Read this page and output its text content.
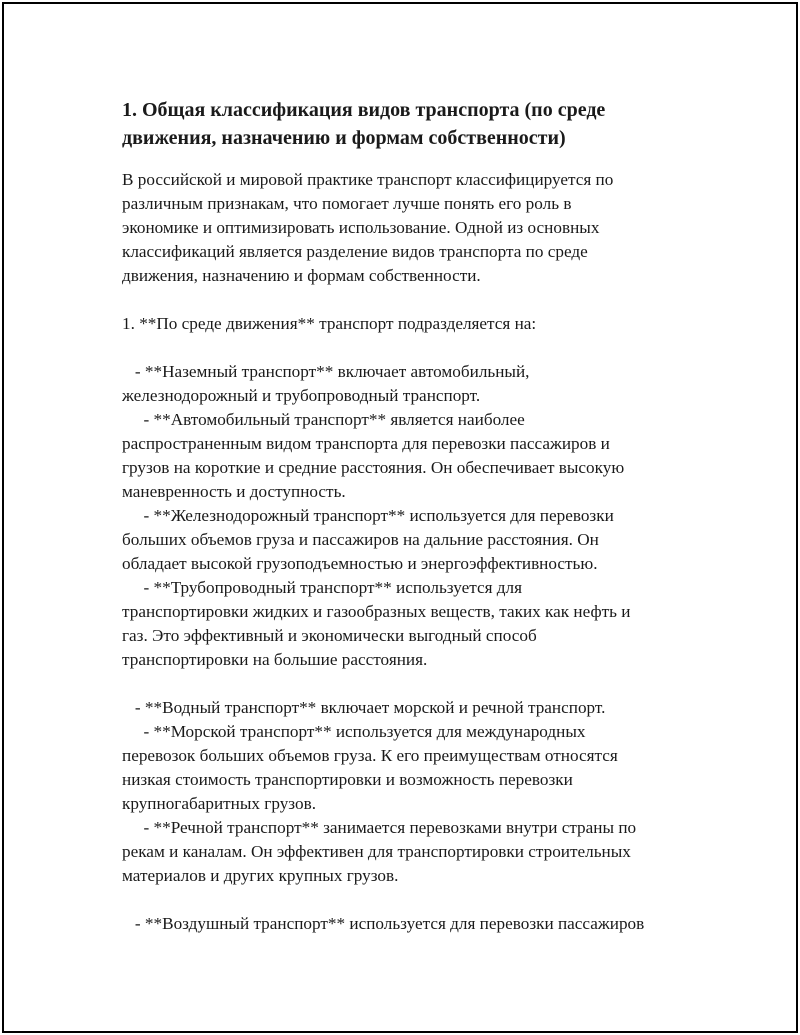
1. Общая классификация видов транспорта (по среде движения, назначению и формам собственности)
В российской и мировой практике транспорт классифицируется по
различным признакам, что помогает лучше понять его роль в
экономике и оптимизировать использование. Одной из основных
классификаций является разделение видов транспорта по среде
движения, назначению и формам собственности.
1. **По среде движения** транспорт подразделяется на:
- **Наземный транспорт** включает автомобильный,
железнодорожный и трубопроводный транспорт.
- **Автомобильный транспорт** является наиболее
распространенным видом транспорта для перевозки пассажиров и
грузов на короткие и средние расстояния. Он обеспечивает высокую
маневренность и доступность.
- **Железнодорожный транспорт** используется для перевозки
больших объемов груза и пассажиров на дальние расстояния. Он
обладает высокой грузоподъемностью и энергоэффективностью.
- **Трубопроводный транспорт** используется для
транспортировки жидких и газообразных веществ, таких как нефть и
газ. Это эффективный и экономически выгодный способ
транспортировки на большие расстояния.
- **Водный транспорт** включает морской и речной транспорт.
- **Морской транспорт** используется для международных
перевозок больших объемов груза. К его преимуществам относятся
низкая стоимость транспортировки и возможность перевозки
крупногабаритных грузов.
- **Речной транспорт** занимается перевозками внутри страны по
рекам и каналам. Он эффективен для транспортировки строительных
материалов и других крупных грузов.
- **Воздушный транспорт** используется для перевозки пассажиров
